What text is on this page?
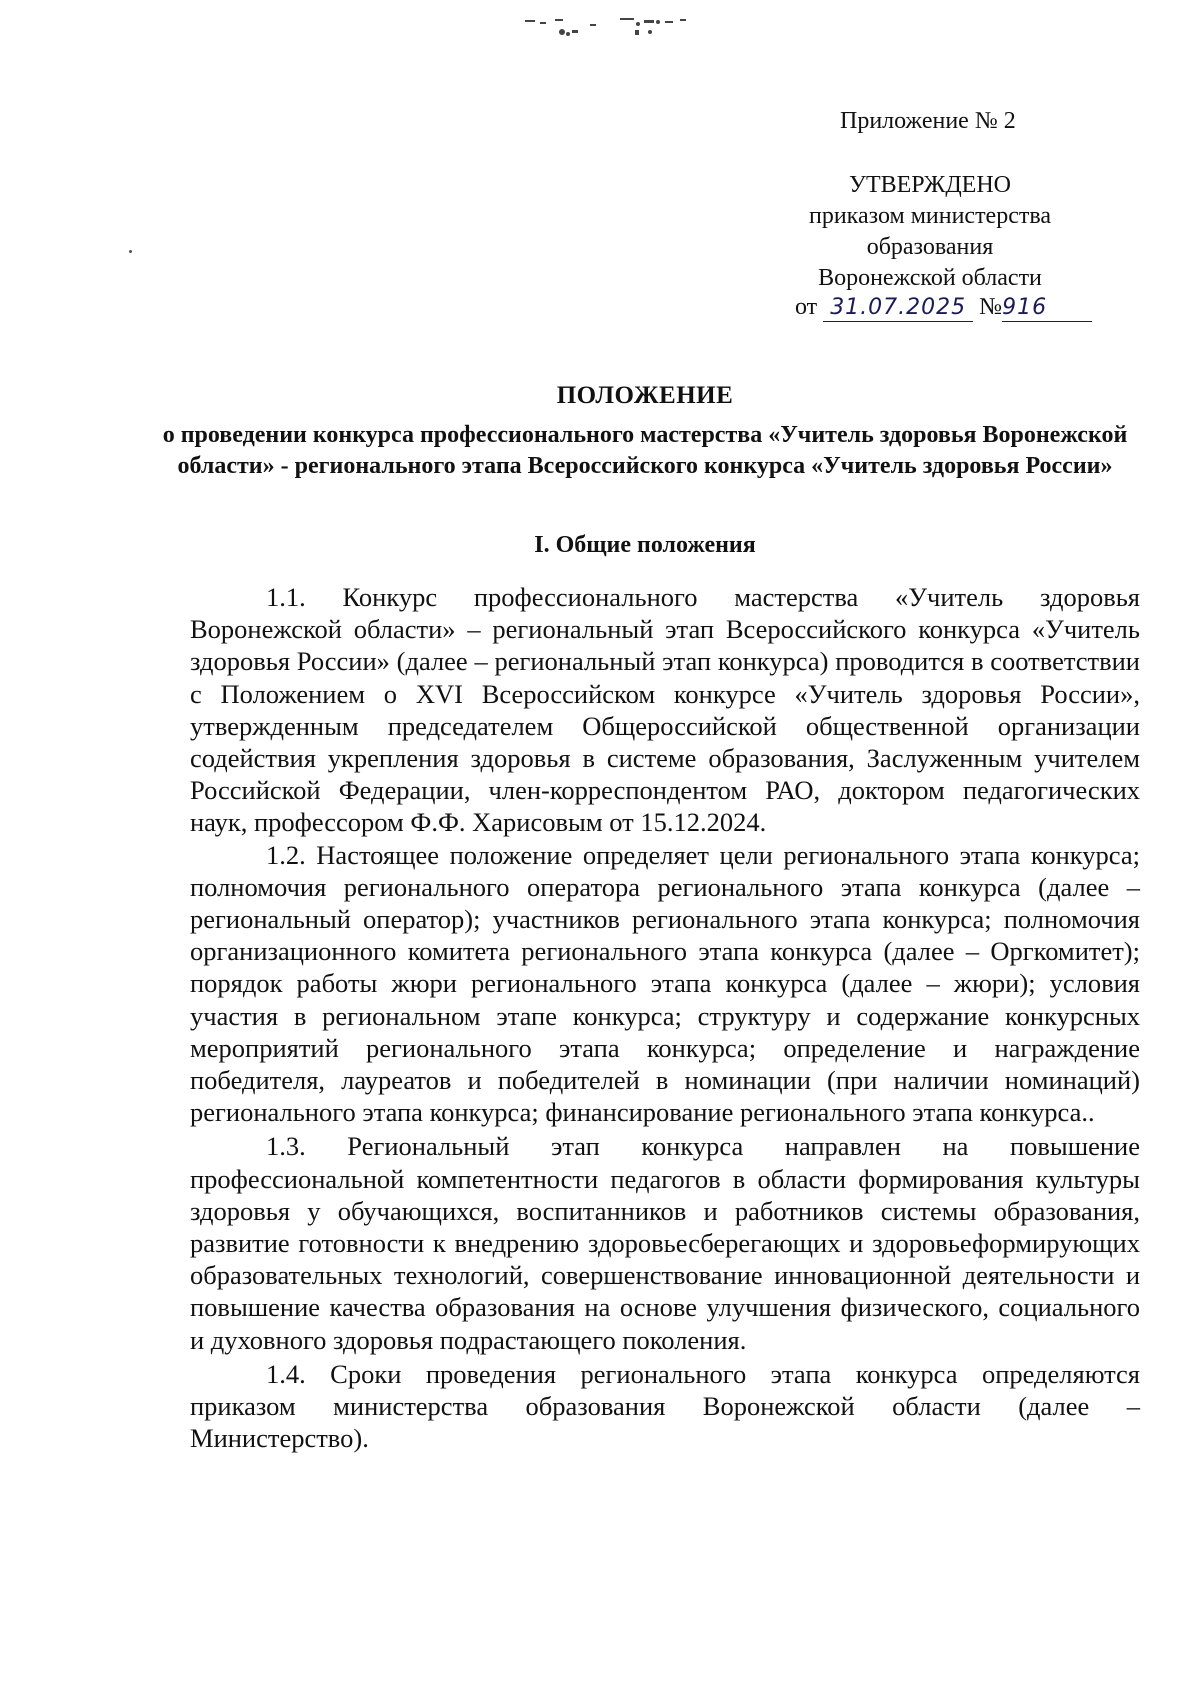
Приложение № 2
УТВЕРЖДЕНО
приказом министерства
образования
Воронежской области
от 31.07.2025 №916
ПОЛОЖЕНИЕ
о проведении конкурса профессионального мастерства «Учитель здоровья Воронежской области» - регионального этапа Всероссийского конкурса «Учитель здоровья России»
I. Общие положения

1.1. Конкурс профессионального мастерства «Учитель здоровья Воронежской области» – региональный этап Всероссийского конкурса «Учитель здоровья России» (далее – региональный этап конкурса) проводится в соответствии с Положением о XVI Всероссийском конкурсе «Учитель здоровья России», утвержденным председателем Общероссийской общественной организации содействия укрепления здоровья в системе образования, Заслуженным учителем Российской Федерации, член-корреспондентом РАО, доктором педагогических наук, профессором Ф.Ф. Харисовым от 15.12.2024.

1.2. Настоящее положение определяет цели регионального этапа конкурса; полномочия регионального оператора регионального этапа конкурса (далее – региональный оператор); участников регионального этапа конкурса; полномочия организационного комитета регионального этапа конкурса (далее – Оргкомитет); порядок работы жюри регионального этапа конкурса (далее – жюри); условия участия в региональном этапе конкурса; структуру и содержание конкурсных мероприятий регионального этапа конкурса; определение и награждение победителя, лауреатов и победителей в номинации (при наличии номинаций) регионального этапа конкурса; финансирование регионального этапа конкурса..

1.3. Региональный этап конкурса направлен на повышение профессиональной компетентности педагогов в области формирования культуры здоровья у обучающихся, воспитанников и работников системы образования, развитие готовности к внедрению здоровьесберегающих и здоровьеформирующих образовательных технологий, совершенствование инновационной деятельности и повышение качества образования на основе улучшения физического, социального и духовного здоровья подрастающего поколения.

1.4. Сроки проведения регионального этапа конкурса определяются приказом министерства образования Воронежской области (далее – Министерство).
